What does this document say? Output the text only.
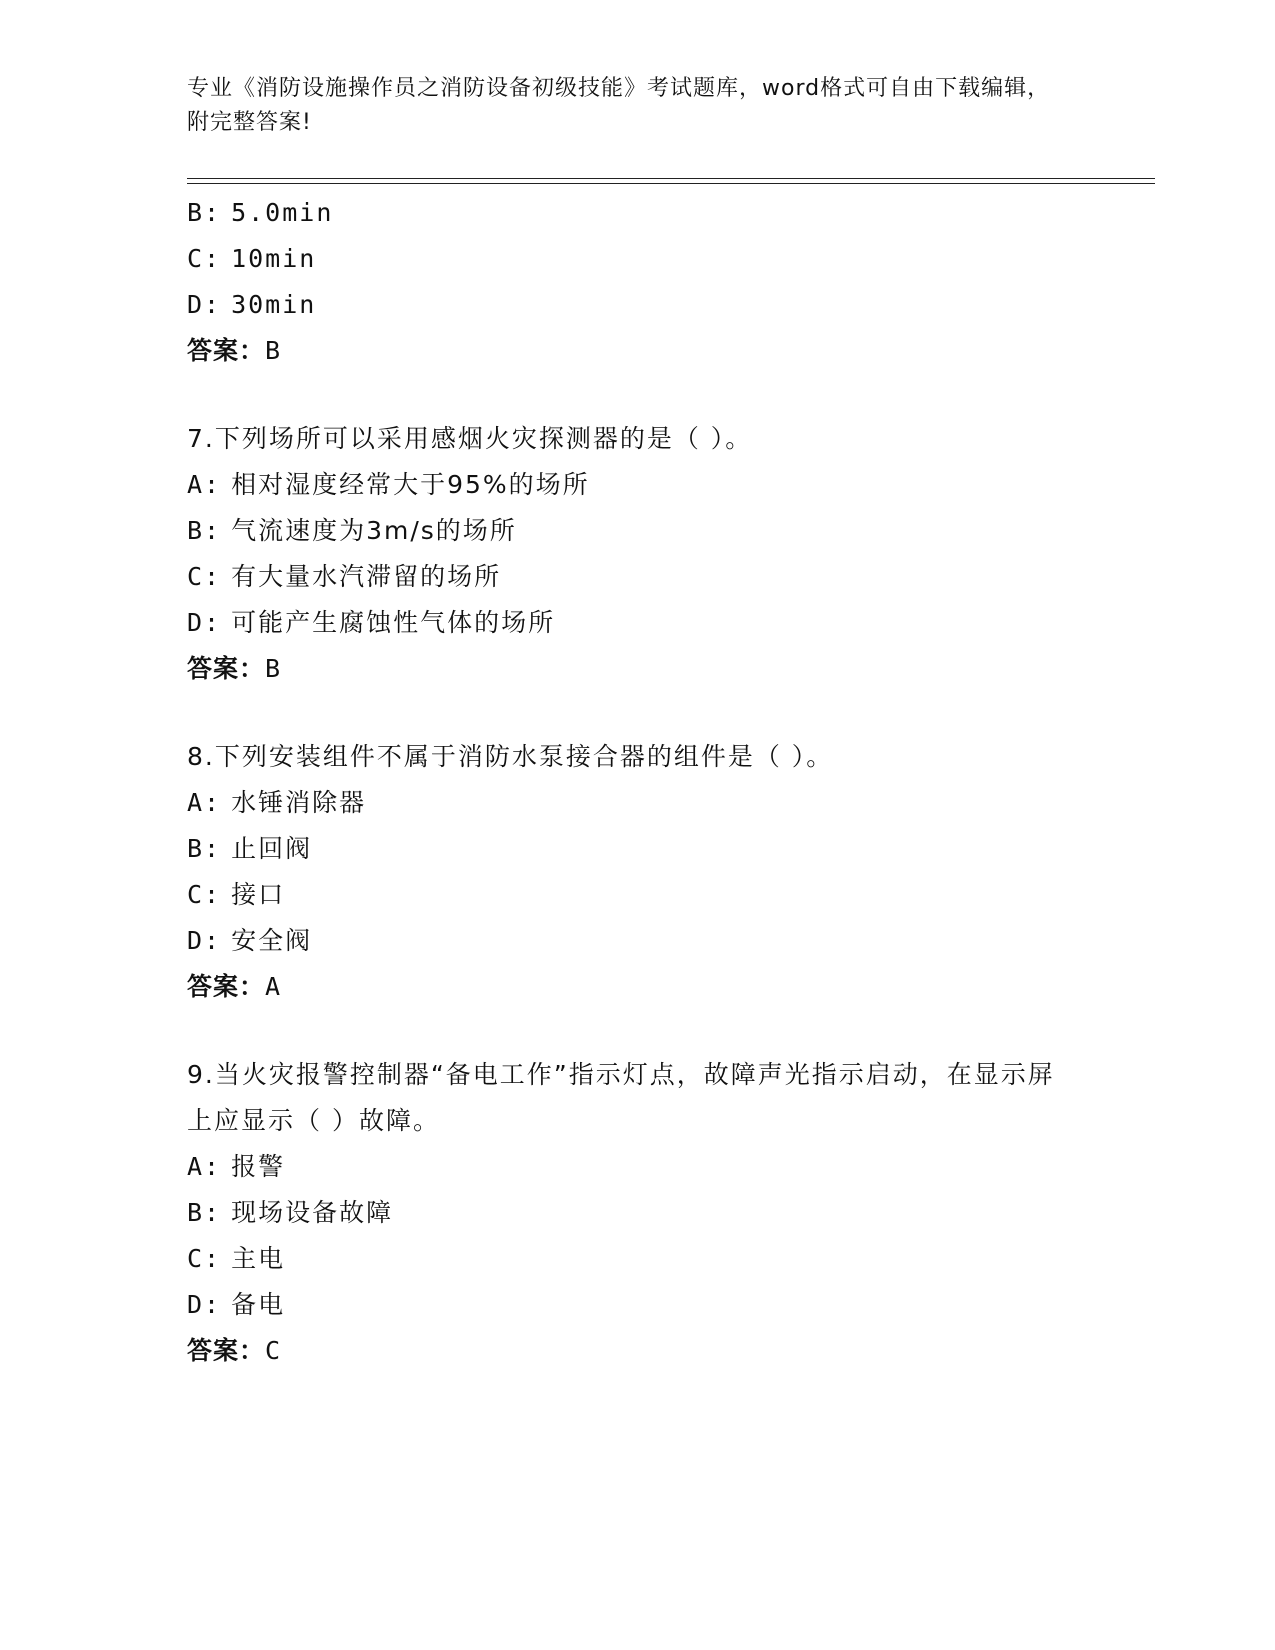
专业《消防设施操作员之消防设备初级技能》考试题库，word格式可自由下载编辑，附完整答案!
B: 5.0min
C: 10min
D: 30min
答案：B
7.下列场所可以采用感烟火灾探测器的是（ ）。
A: 相对湿度经常大于95%的场所
B: 气流速度为3m/s的场所
C: 有大量水汽滞留的场所
D: 可能产生腐蚀性气体的场所
答案：B
8.下列安装组件不属于消防水泵接合器的组件是（ ）。
A: 水锤消除器
B: 止回阀
C: 接口
D: 安全阀
答案：A
9.当火灾报警控制器“备电工作”指示灯点，故障声光指示启动，在显示屏上应显示（ ）故障。
A: 报警
B: 现场设备故障
C: 主电
D: 备电
答案：C
